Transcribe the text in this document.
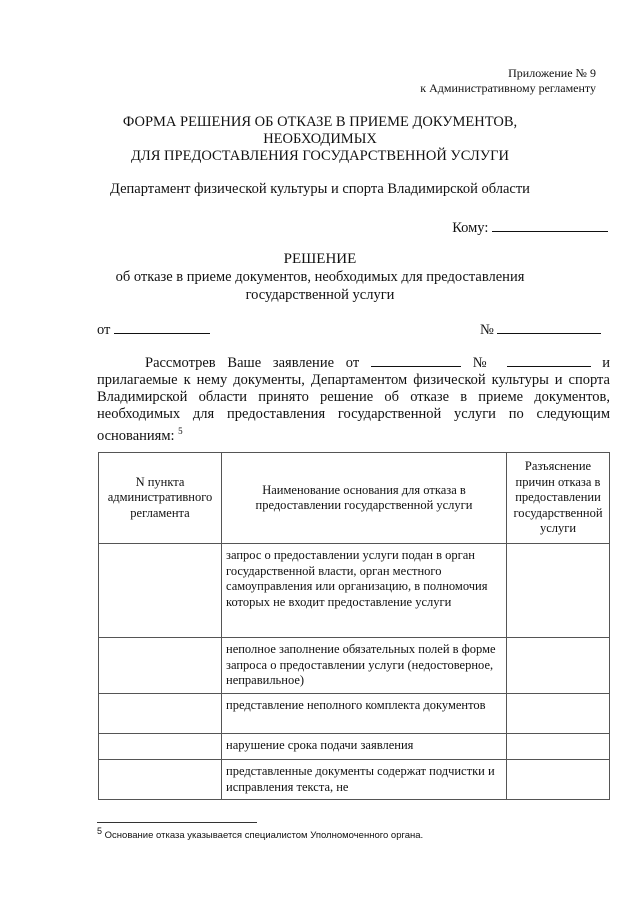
Приложение № 9
к Административному регламенту
ФОРМА РЕШЕНИЯ ОБ ОТКАЗЕ В ПРИЕМЕ ДОКУМЕНТОВ,
НЕОБХОДИМЫХ
ДЛЯ ПРЕДОСТАВЛЕНИЯ ГОСУДАРСТВЕННОЙ УСЛУГИ
Департамент физической культуры и спорта Владимирской области
Кому:
РЕШЕНИЕ
об отказе в приеме документов, необходимых для предоставления
государственной услуги
от	№
Рассмотрев Ваше заявление от	№	и
прилагаемые к нему документы, Департаментом физической культуры и спорта Владимирской области принято решение об отказе в приеме документов, необходимых для предоставления государственной услуги по следующим основаниям: $^5$
N пункта административного регламента	Наименование основания для отказа в предоставлении государственной услуги	Разъяснение причин отказа в предоставлении государственной услуги
	запрос о предоставлении услуги подан в орган государственной власти, орган местного самоуправления или организацию, в полномочия которых не входит предоставление услуги	
	неполное заполнение обязательных полей в форме запроса о предоставлении услуги (недостоверное, неправильное)	
	представление неполного комплекта документов	
	нарушение срока подачи заявления	
	представленные документы содержат подчистки и исправления текста, не	
$^5$ Основание отказа указывается специалистом Уполномоченного органа.
